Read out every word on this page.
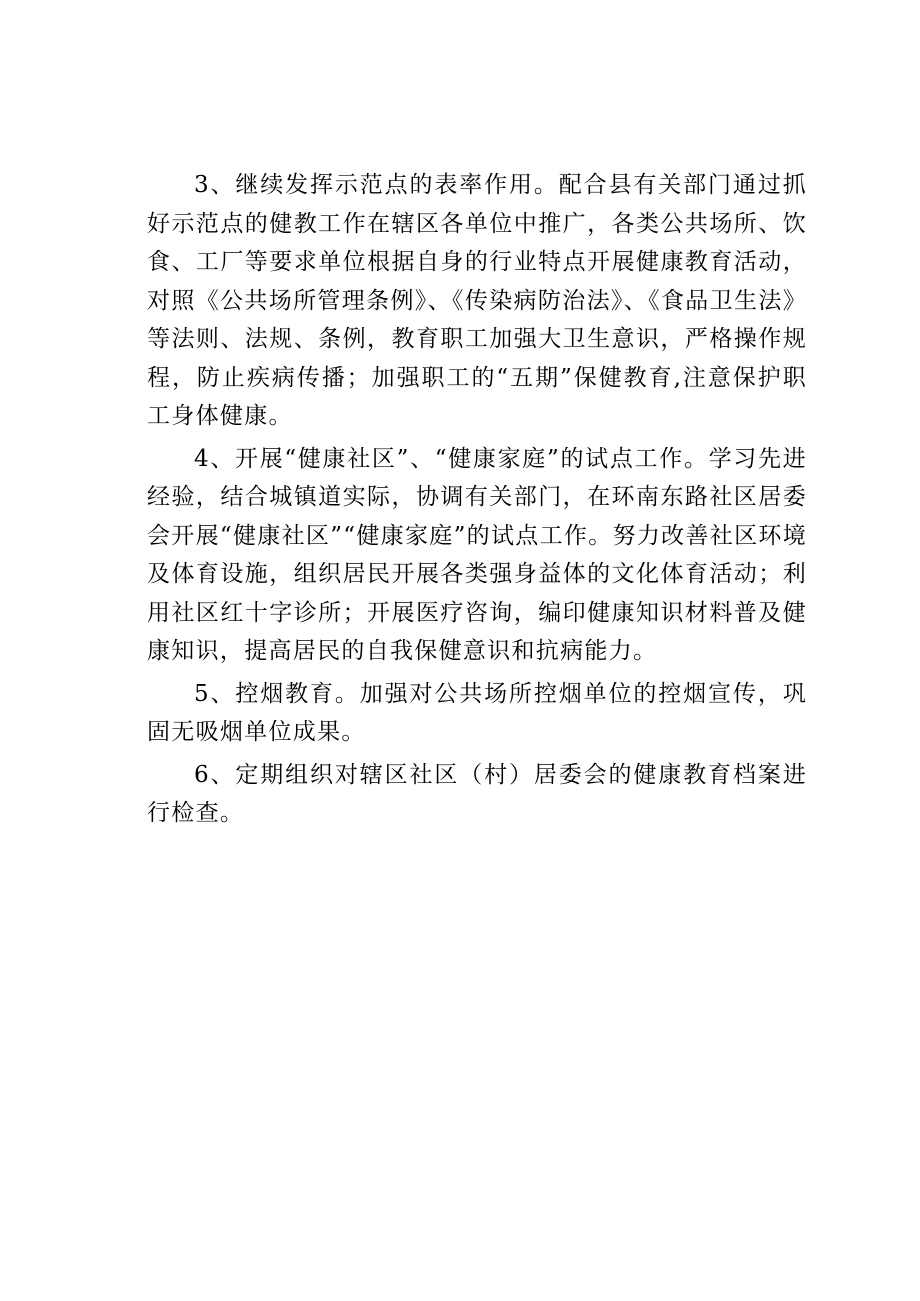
3、继续发挥示范点的表率作用。配合县有关部门通过抓好示范点的健教工作在辖区各单位中推广，各类公共场所、饮食、工厂等要求单位根据自身的行业特点开展健康教育活动，对照《公共场所管理条例》、《传染病防治法》、《食品卫生法》等法则、法规、条例，教育职工加强大卫生意识，严格操作规程，防止疾病传播；加强职工的“五期”保健教育,注意保护职工身体健康。

4、开展“健康社区”、“健康家庭”的试点工作。学习先进经验，结合城镇道实际，协调有关部门，在环南东路社区居委会开展“健康社区”“健康家庭”的试点工作。努力改善社区环境及体育设施，组织居民开展各类强身益体的文化体育活动；利用社区红十字诊所；开展医疗咨询，编印健康知识材料普及健康知识，提高居民的自我保健意识和抗病能力。

5、控烟教育。加强对公共场所控烟单位的控烟宣传，巩固无吸烟单位成果。

6、定期组织对辖区社区（村）居委会的健康教育档案进行检查。
